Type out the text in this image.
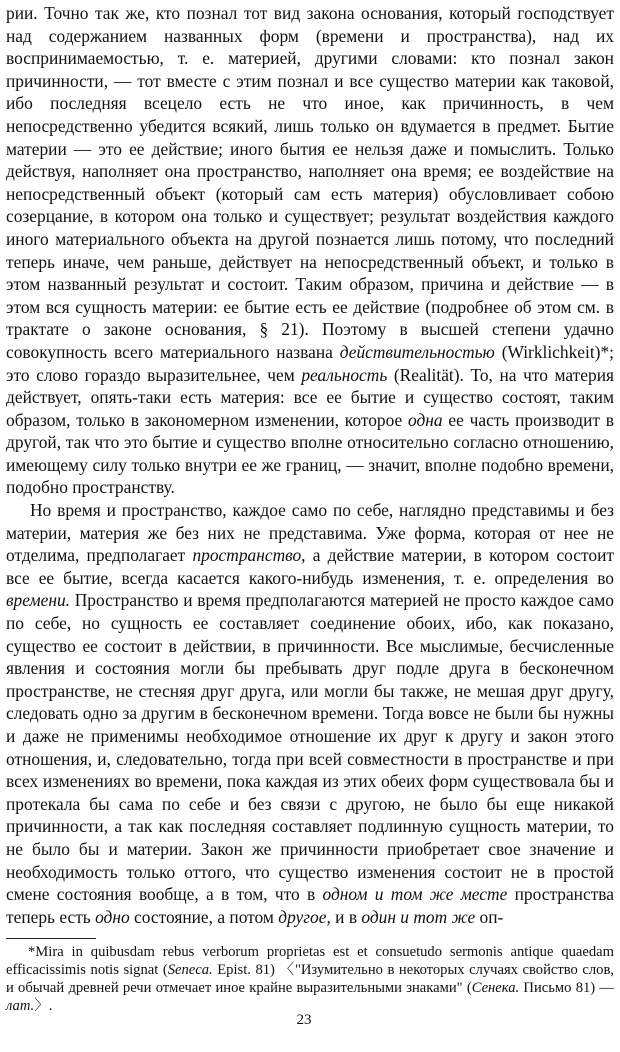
рии. Точно так же, кто познал тот вид закона основания, который господствует над содержанием названных форм (времени и пространства), над их воспринимаемостью, т. е. материей, другими словами: кто познал закон причинности, — тот вместе с этим познал и все существо материи как таковой, ибо последняя всецело есть не что иное, как причинность, в чем непосредственно убедится всякий, лишь только он вдумается в предмет. Бытие материи — это ее действие; иного бытия ее нельзя даже и помыслить. Только действуя, наполняет она пространство, наполняет она время; ее воздействие на непосредственный объект (который сам есть материя) обусловливает собою созерцание, в котором она только и существует; результат воздействия каждого иного материального объекта на другой познается лишь потому, что последний теперь иначе, чем раньше, действует на непосредственный объект, и только в этом названный результат и состоит. Таким образом, причина и действие — в этом вся сущность материи: ее бытие есть ее действие (подробнее об этом см. в трактате о законе основания, § 21). Поэтому в высшей степени удачно совокупность всего материального названа действительностью (Wirklichkeit)*; это слово гораздо выразительнее, чем реальность (Realität). То, на что материя действует, опять-таки есть материя: все ее бытие и существо состоят, таким образом, только в закономерном изменении, которое одна ее часть производит в другой, так что это бытие и существо вполне относительно согласно отношению, имеющему силу только внутри ее же границ, — значит, вполне подобно времени, подобно пространству.

Но время и пространство, каждое само по себе, наглядно представимы и без материи, материя же без них не представима. Уже форма, которая от нее не отделима, предполагает пространство, а действие материи, в котором состоит все ее бытие, всегда касается какого-нибудь изменения, т. е. определения во времени. Пространство и время предполагаются материей не просто каждое само по себе, но сущность ее составляет соединение обоих, ибо, как показано, существо ее состоит в действии, в причинности. Все мыслимые, бесчисленные явления и состояния могли бы пребывать друг подле друга в бесконечном пространстве, не стесняя друг друга, или могли бы также, не мешая друг другу, следовать одно за другим в бесконечном времени. Тогда вовсе не были бы нужны и даже не применимы необходимое отношение их друг к другу и закон этого отношения, и, следовательно, тогда при всей совместности в пространстве и при всех изменениях во времени, пока каждая из этих обеих форм существовала бы и протекала бы сама по себе и без связи с другою, не было бы еще никакой причинности, а так как последняя составляет подлинную сущность материи, то не было бы и материи. Закон же причинности приобретает свое значение и необходимость только оттого, что существо изменения состоит не в простой смене состояния вообще, а в том, что в одном и том же месте пространства теперь есть одно состояние, а потом другое, и в один и тот же оп-

*Mira in quibusdam rebus verborum proprietas est et consuetudo sermonis antique quaedam efficacissimis notis signat (Seneca. Epist. 81) 〈"Изумительно в некоторых случаях свойство слов, и обычай древней речи отмечает иное крайне выразительными знаками" (Сенека. Письмо 81) — лат.〉.

23
